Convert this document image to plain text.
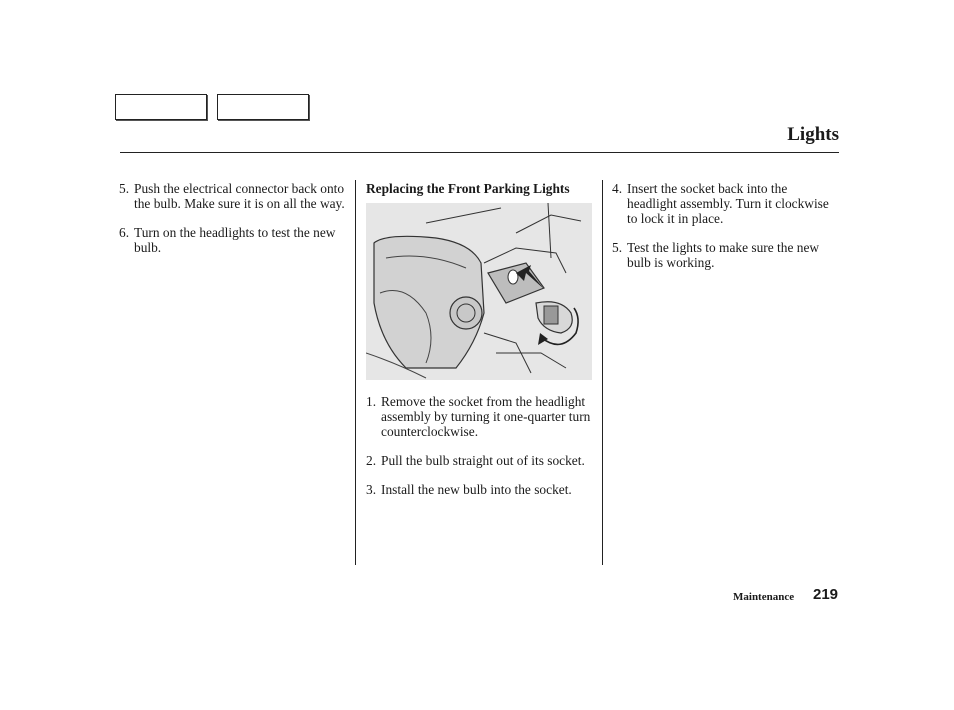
Lights
5. Push the electrical connector back onto the bulb. Make sure it is on all the way.
6. Turn on the headlights to test the new bulb.
Replacing the Front Parking Lights
1. Remove the socket from the headlight assembly by turning it one-quarter turn counterclockwise.
2. Pull the bulb straight out of its socket.
3. Install the new bulb into the socket.
4. Insert the socket back into the headlight assembly. Turn it clockwise to lock it in place.
5. Test the lights to make sure the new bulb is working.
Maintenance 219
